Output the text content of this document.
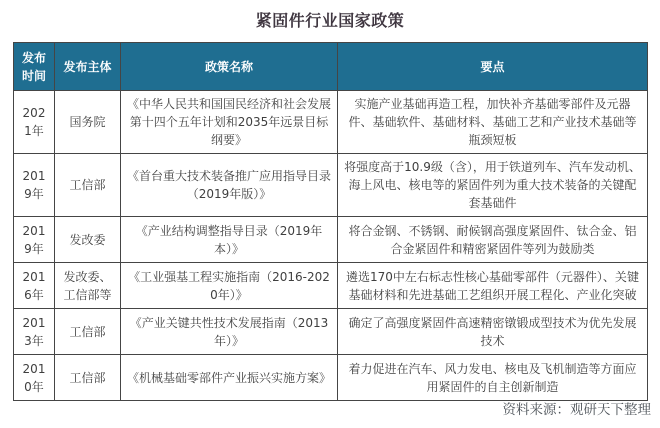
紧固件行业国家政策
发布时间	发布主体	政策名称	要点
2021年	国务院	《中华人民共和国国民经济和社会发展第十四个五年计划和2035年远景目标纲要》	实施产业基础再造工程，加快补齐基础零部件及元器件、基础软件、基础材料、基础工艺和产业技术基础等瓶颈短板
2019年	工信部	《首台重大技术装备推广应用指导目录（2019年版）》	将强度高于10.9级（含），用于铁道列车、汽车发动机、海上风电、核电等的紧固件列为重大技术装备的关键配套基础件
2019年	发改委	《产业结构调整指导目录（2019年本）》	将合金钢、不锈钢、耐候钢高强度紧固件、钛合金、铝合金紧固件和精密紧固件等列为鼓励类
2016年	发改委、工信部等	《工业强基工程实施指南（2016-2020年）》	遴选170中左右标志性核心基础零部件（元器件）、关键基础材料和先进基础工艺组织开展工程化、产业化突破
2013年	工信部	《产业关键共性技术发展指南（2013年）》	确定了高强度紧固件高速精密镦锻成型技术为优先发展技术
2010年	工信部	《机械基础零部件产业振兴实施方案》	着力促进在汽车、风力发电、核电及飞机制造等方面应用紧固件的自主创新制造
资料来源：观研天下整理
